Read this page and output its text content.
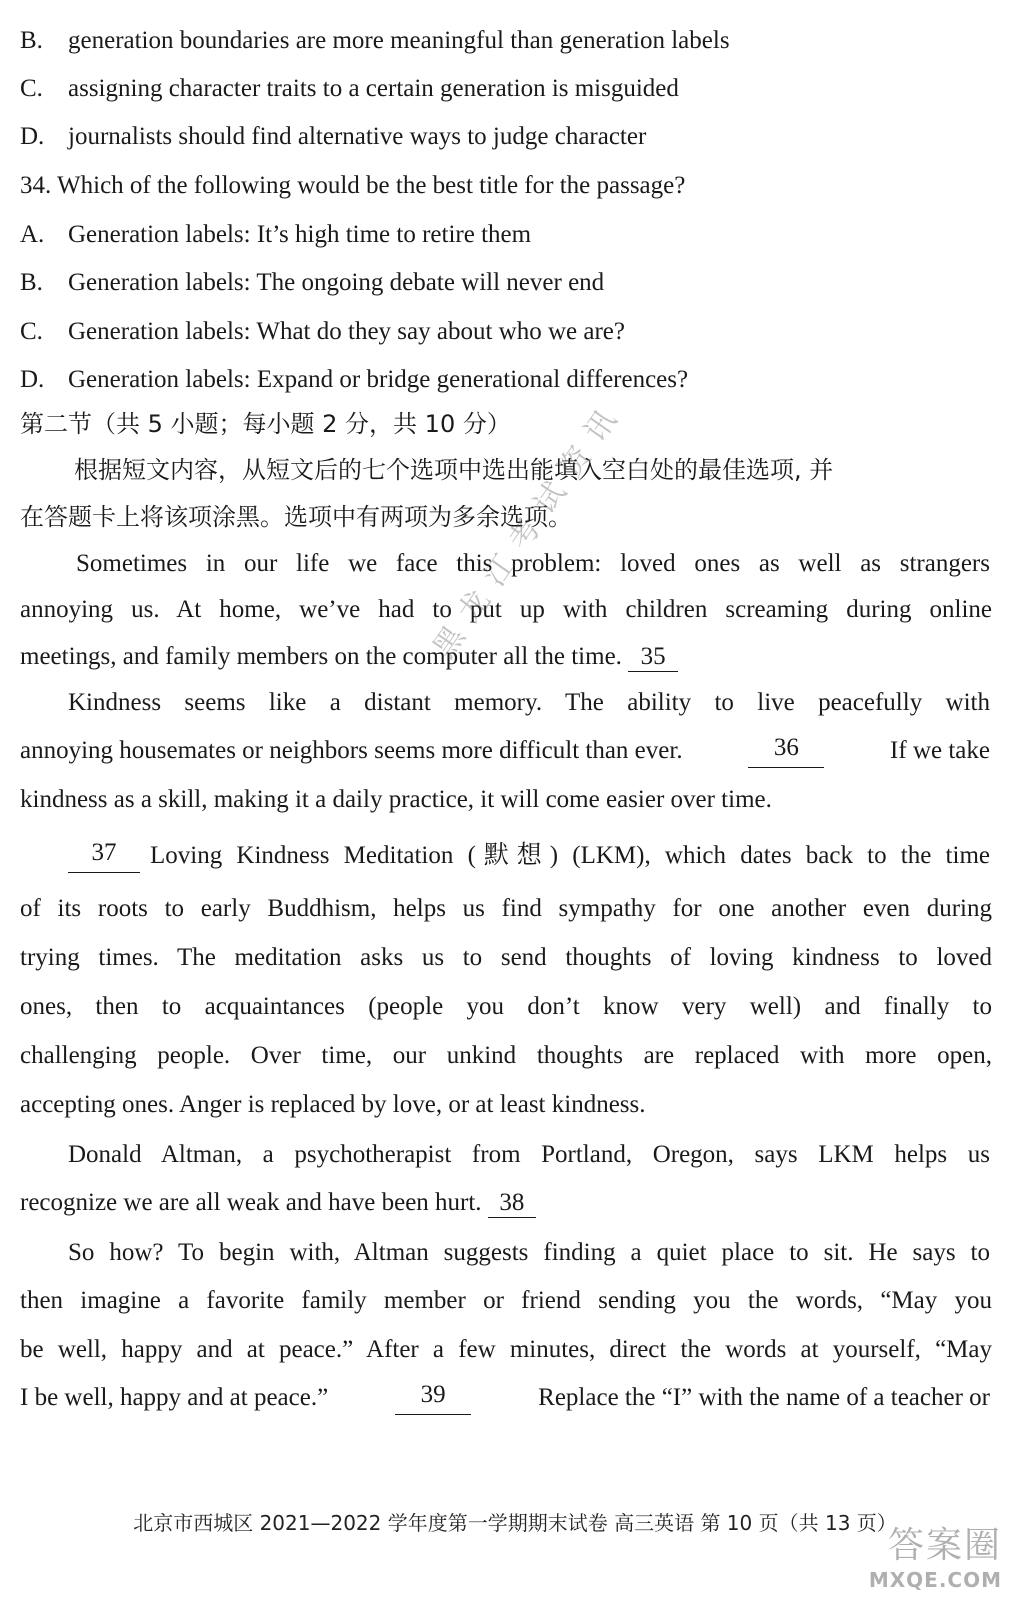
B. generation boundaries are more meaningful than generation labels
C. assigning character traits to a certain generation is misguided
D. journalists should find alternative ways to judge character
34. Which of the following would be the best title for the passage?
A. Generation labels: It’s high time to retire them
B. Generation labels: The ongoing debate will never end
C. Generation labels: What do they say about who we are?
D. Generation labels: Expand or bridge generational differences?
第二节（共 5 小题；每小题 2 分，共 10 分）
根据短文内容，从短文后的七个选项中选出能填入空白处的最佳选项, 并
在答题卡上将该项涂黑。选项中有两项为多余选项。
Sometimes in our life we face this problem: loved ones as well as strangers
annoying us. At home, we’ve had to put up with children screaming during online
meetings, and family members on the computer all the time. 35
Kindness seems like a distant memory. The ability to live peacefully with
annoying housemates or neighbors seems more difficult than ever.	36	If we take
kindness as a skill, making it a daily practice, it will come easier over time.
37	Loving Kindness Meditation (默想) (LKM), which dates back to the time
of its roots to early Buddhism, helps us find sympathy for one another even during
trying times. The meditation asks us to send thoughts of loving kindness to loved
ones, then to acquaintances (people you don’t know very well) and finally to
challenging people. Over time, our unkind thoughts are replaced with more open,
accepting ones. Anger is replaced by love, or at least kindness.
Donald Altman, a psychotherapist from Portland, Oregon, says LKM helps us
recognize we are all weak and have been hurt. 38
So how? To begin with, Altman suggests finding a quiet place to sit. He says to
then imagine a favorite family member or friend sending you the words, “May you
be well, happy and at peace.” After a few minutes, direct the words at yourself, “May
I be well, happy and at peace.”	39	Replace the “I” with the name of a teacher or
黑龙江考试资讯
北京市西城区 2021—2022 学年度第一学期期末试卷 高三英语 第 10 页（共 13 页）
答案圈
MXQE.COM
